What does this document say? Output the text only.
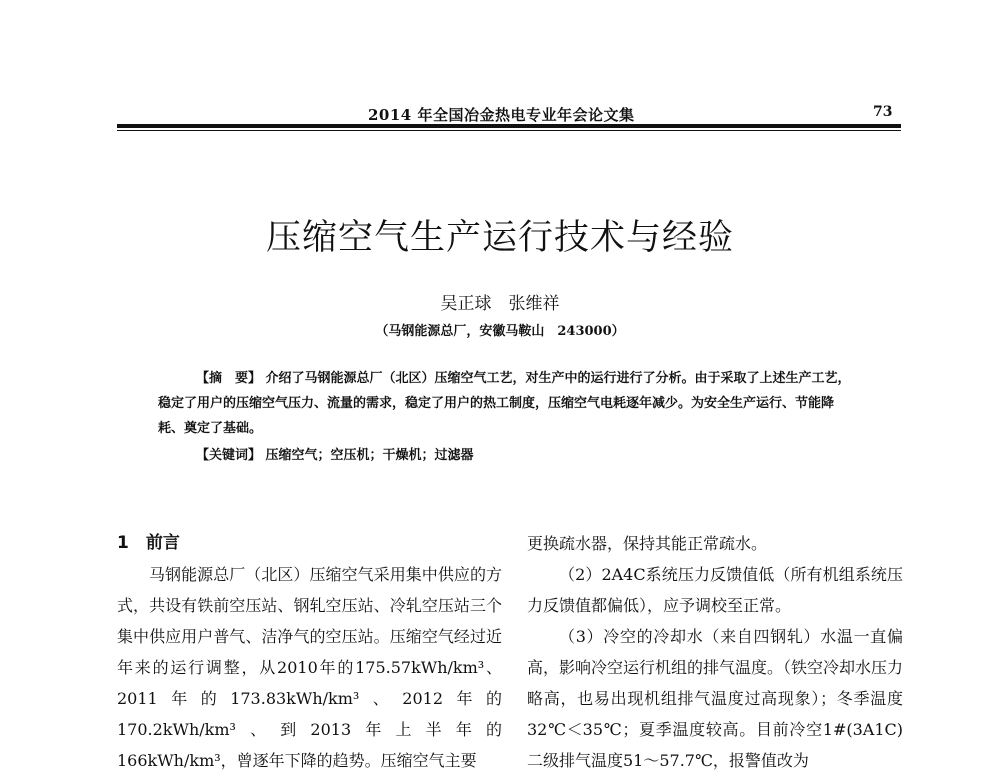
2014 年全国冶金热电专业年会论文集	73
压缩空气生产运行技术与经验
吴正球　张维祥
（马钢能源总厂，安徽马鞍山　243000）
【摘　要】 介绍了马钢能源总厂（北区）压缩空气工艺，对生产中的运行进行了分析。由于采取了上述生产工艺，稳定了用户的压缩空气压力、流量的需求，稳定了用户的热工制度，压缩空气电耗逐年减少。为安全生产运行、节能降耗、奠定了基础。
【关键词】 压缩空气；空压机；干燥机；过滤器

1　前言

马钢能源总厂（北区）压缩空气采用集中供应的方式，共设有铁前空压站、钢轧空压站、冷轧空压站三个集中供应用户普气、洁净气的空压站。压缩空气经过近年来的运行调整，从2010年的175.57kWh/km³、2011年的173.83kWh/km³、2012年的170.2kWh/km³、到2013年上半年的166kWh/km³，曾逐年下降的趋势。压缩空气主要

更换疏水器，保持其能正常疏水。

（2）2A4C系统压力反馈值低（所有机组系统压力反馈值都偏低），应予调校至正常。

（3）冷空的冷却水（来自四钢轧）水温一直偏高，影响冷空运行机组的排气温度。（铁空冷却水压力略高，也易出现机组排气温度过高现象）；冬季温度32℃＜35℃；夏季温度较高。目前冷空1#(3A1C)二级排气温度51～57.7℃，报警值改为
